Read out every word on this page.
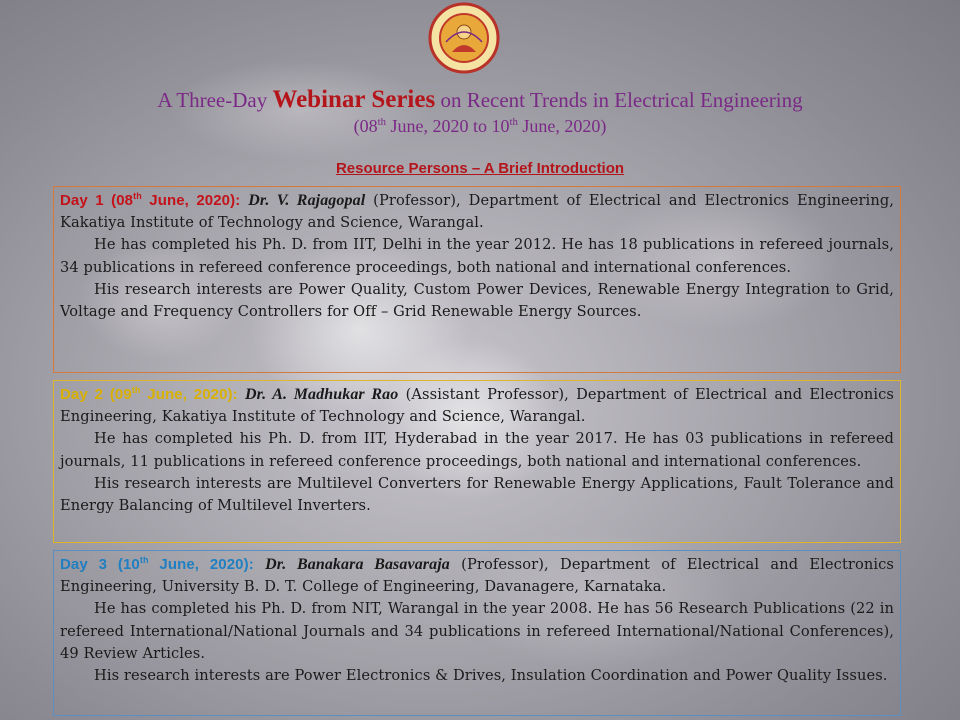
A Three-Day Webinar Series on Recent Trends in Electrical Engineering
(08th June, 2020 to 10th June, 2020)
Resource Persons – A Brief Introduction

Day 1 (08th June, 2020): Dr. V. Rajagopal (Professor), Department of Electrical and Electronics Engineering, Kakatiya Institute of Technology and Science, Warangal.

He has completed his Ph. D. from IIT, Delhi in the year 2012. He has 18 publications in refereed journals, 34 publications in refereed conference proceedings, both national and international conferences.

His research interests are Power Quality, Custom Power Devices, Renewable Energy Integration to Grid, Voltage and Frequency Controllers for Off – Grid Renewable Energy Sources.

Day 2 (09th June, 2020): Dr. A. Madhukar Rao (Assistant Professor), Department of Electrical and Electronics Engineering, Kakatiya Institute of Technology and Science, Warangal.

He has completed his Ph. D. from IIT, Hyderabad in the year 2017. He has 03 publications in refereed journals, 11 publications in refereed conference proceedings, both national and international conferences.

His research interests are Multilevel Converters for Renewable Energy Applications, Fault Tolerance and Energy Balancing of Multilevel Inverters.

Day 3 (10th June, 2020): Dr. Banakara Basavaraja (Professor), Department of Electrical and Electronics Engineering, University B. D. T. College of Engineering, Davanagere, Karnataka.

He has completed his Ph. D. from NIT, Warangal in the year 2008. He has 56 Research Publications (22 in refereed International/National Journals and 34 publications in refereed International/National Conferences), 49 Review Articles.

His research interests are Power Electronics & Drives, Insulation Coordination and Power Quality Issues.
